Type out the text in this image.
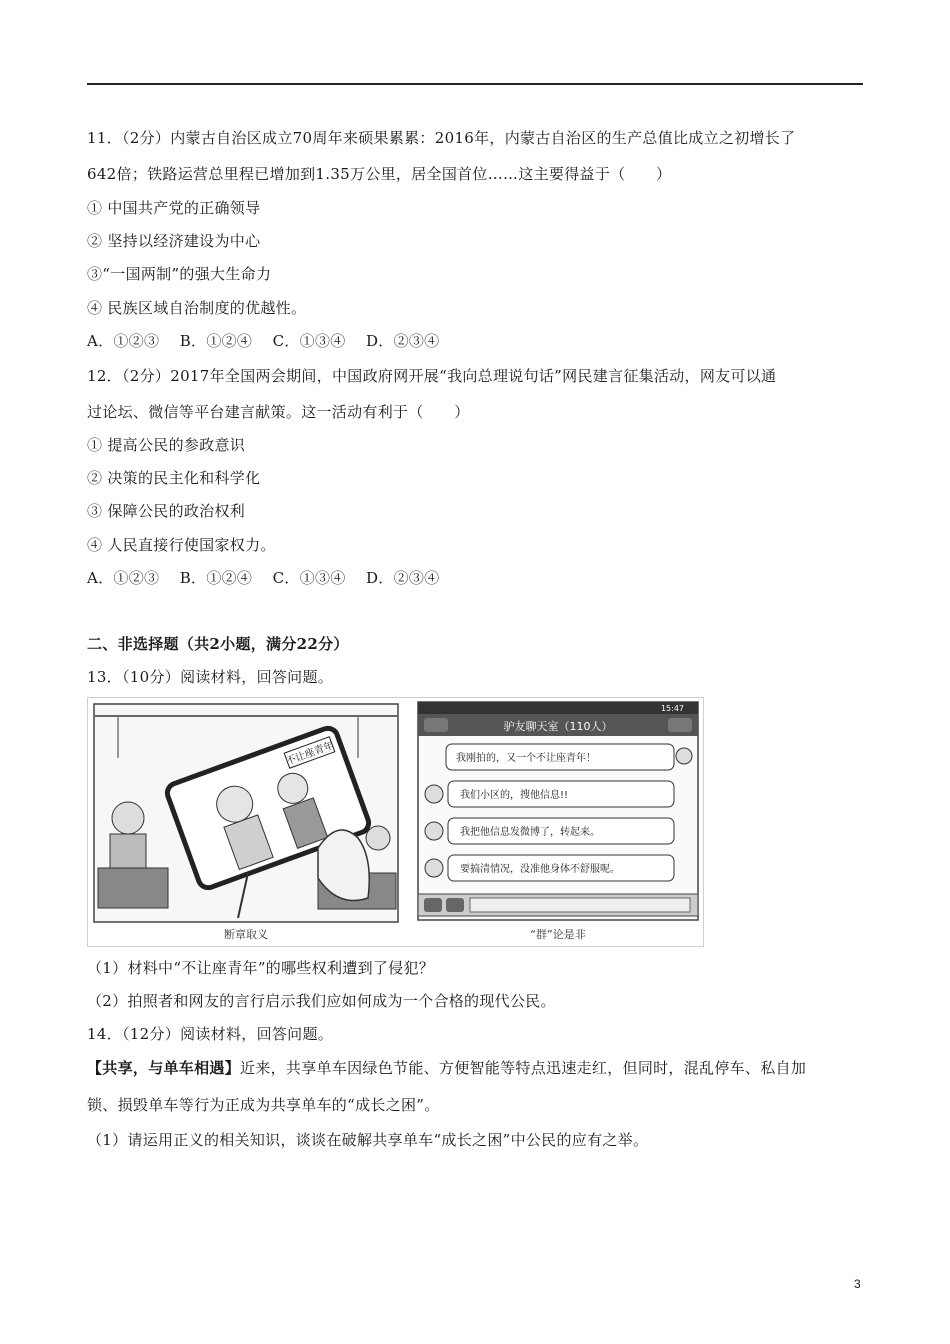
11．（2分）内蒙古自治区成立70周年来硕果累累：2016年，内蒙古自治区的生产总值比成立之初增长了
642倍；铁路运营总里程已增加到1.35万公里，居全国首位……这主要得益于（　　）
① 中国共产党的正确领导
② 坚持以经济建设为中心
③“一国两制”的强大生命力
④ 民族区域自治制度的优越性。
A．①②③　 B．①②④　 C．①③④　 D．②③④
12．（2分）2017年全国两会期间，中国政府网开展“我向总理说句话”网民建言征集活动，网友可以通
过论坛、微信等平台建言献策。这一活动有利于（　　）
① 提高公民的参政意识
② 决策的民主化和科学化
③ 保障公民的政治权利
④ 人民直接行使国家权力。
A．①②③　 B．①②④　 C．①③④　 D．②③④
二、非选择题（共2小题，满分22分）
13．（10分）阅读材料，回答问题。
不让座青年
断章取义
15:47
驴友聊天室（110人）
我刚拍的，又一个不让座青年！
我们小区的，搜他信息!!
我把他信息发微博了，转起来。
要搞清情况，没准他身体不舒服呢。
“群”论是非
（1）材料中“不让座青年”的哪些权利遭到了侵犯？
（2）拍照者和网友的言行启示我们应如何成为一个合格的现代公民。
14．（12分）阅读材料，回答问题。
【共享，与单车相遇】近来，共享单车因绿色节能、方便智能等特点迅速走红，但同时，混乱停车、私自加
锁、损毁单车等行为正成为共享单车的“成长之困”。
（1）请运用正义的相关知识，谈谈在破解共享单车“成长之困”中公民的应有之举。
3
